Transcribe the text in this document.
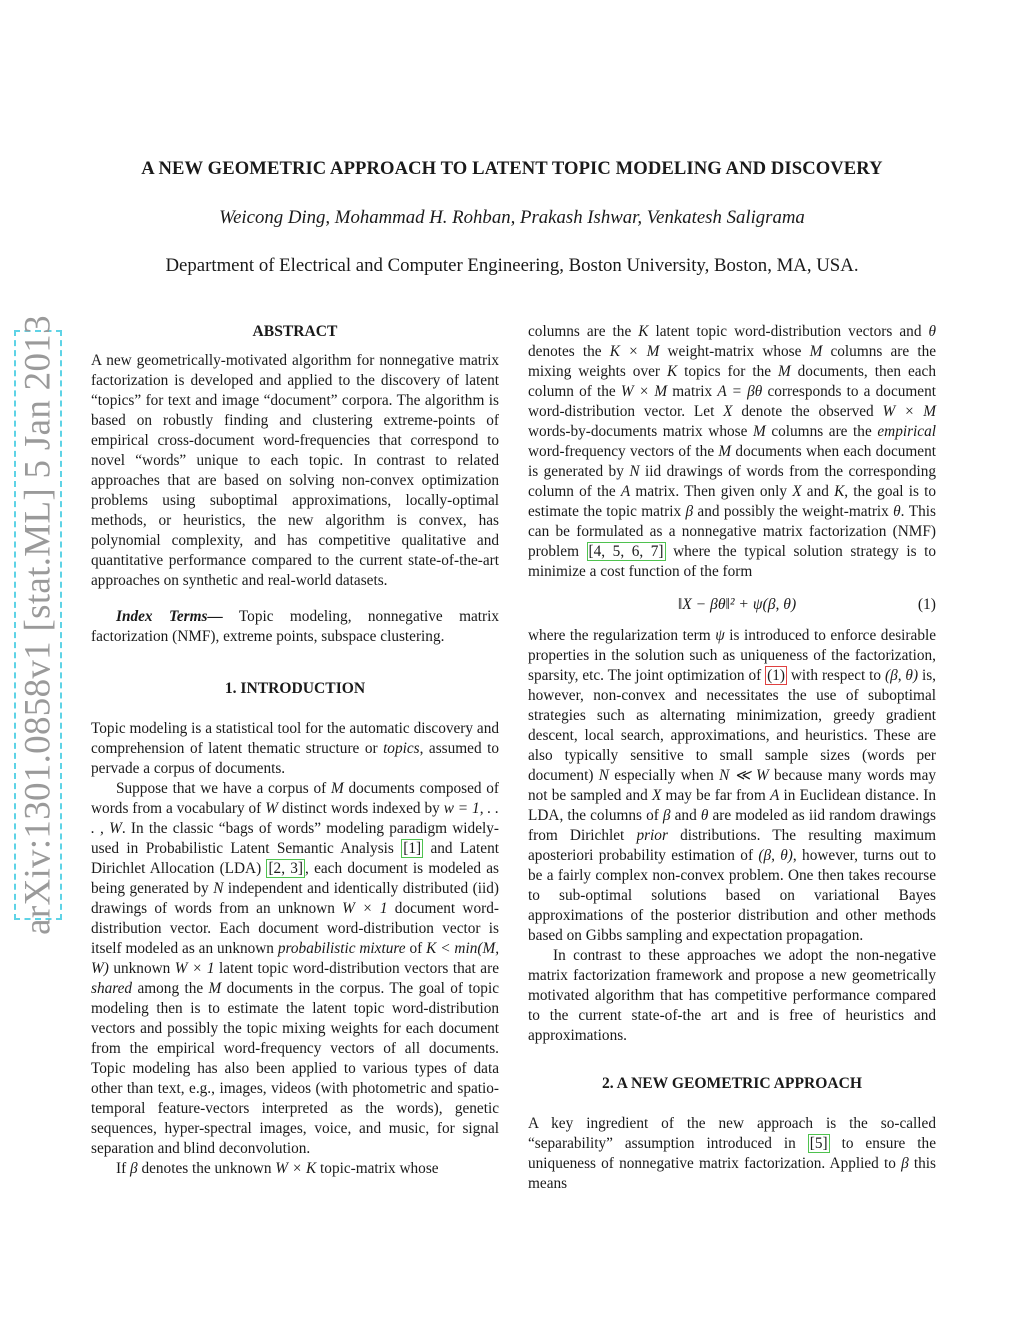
arXiv:1301.0858v1 [stat.ML] 5 Jan 2013
A NEW GEOMETRIC APPROACH TO LATENT TOPIC MODELING AND DISCOVERY
Weicong Ding, Mohammad H. Rohban, Prakash Ishwar, Venkatesh Saligrama
Department of Electrical and Computer Engineering, Boston University, Boston, MA, USA.
ABSTRACT

A new geometrically-motivated algorithm for nonnegative matrix factorization is developed and applied to the discovery of latent “topics” for text and image “document” corpora. The algorithm is based on robustly finding and clustering extreme-points of empirical cross-document word-frequencies that correspond to novel “words” unique to each topic. In contrast to related approaches that are based on solving non-convex optimization problems using suboptimal approximations, locally-optimal methods, or heuristics, the new algorithm is convex, has polynomial complexity, and has competitive qualitative and quantitative performance compared to the current state-of-the-art approaches on synthetic and real-world datasets.

Index Terms— Topic modeling, nonnegative matrix factorization (NMF), extreme points, subspace clustering.

1. INTRODUCTION

Topic modeling is a statistical tool for the automatic discovery and comprehension of latent thematic structure or topics, assumed to pervade a corpus of documents.

Suppose that we have a corpus of M documents composed of words from a vocabulary of W distinct words indexed by w = 1, . . . , W. In the classic “bags of words” modeling paradigm widely-used in Probabilistic Latent Semantic Analysis [1] and Latent Dirichlet Allocation (LDA) [2, 3] , each document is modeled as being generated by N independent and identically distributed (iid) drawings of words from an unknown W × 1 document word-distribution vector. Each document word-distribution vector is itself modeled as an unknown probabilistic mixture of K < min(M, W) unknown W × 1 latent topic word-distribution vectors that are shared among the M documents in the corpus. The goal of topic modeling then is to estimate the latent topic word-distribution vectors and possibly the topic mixing weights for each document from the empirical word-frequency vectors of all documents. Topic modeling has also been applied to various types of data other than text, e.g., images, videos (with photometric and spatio-temporal feature-vectors interpreted as the words), genetic sequences, hyper-spectral images, voice, and music, for signal separation and blind deconvolution.

If β denotes the unknown W × K topic-matrix whose

columns are the K latent topic word-distribution vectors and θ denotes the K × M weight-matrix whose M columns are the mixing weights over K topics for the M documents, then each column of the W × M matrix A = βθ corresponds to a document word-distribution vector. Let X denote the observed W × M words-by-documents matrix whose M columns are the empirical word-frequency vectors of the M documents when each document is generated by N iid drawings of words from the corresponding column of the A matrix. Then given only X and K, the goal is to estimate the topic matrix β and possibly the weight-matrix θ. This can be formulated as a nonnegative matrix factorization (NMF) problem [4, 5, 6, 7] where the typical solution strategy is to minimize a cost function of the form

‖X − βθ‖² + ψ(β, θ)	(1)

where the regularization term ψ is introduced to enforce desirable properties in the solution such as uniqueness of the factorization, sparsity, etc. The joint optimization of (1) with respect to (β, θ) is, however, non-convex and necessitates the use of suboptimal strategies such as alternating minimization, greedy gradient descent, local search, approximations, and heuristics. These are also typically sensitive to small sample sizes (words per document) N especially when N ≪ W because many words may not be sampled and X may be far from A in Euclidean distance. In LDA, the columns of β and θ are modeled as iid random drawings from Dirichlet prior distributions. The resulting maximum aposteriori probability estimation of (β, θ), however, turns out to be a fairly complex non-convex problem. One then takes recourse to sub-optimal solutions based on variational Bayes approximations of the posterior distribution and other methods based on Gibbs sampling and expectation propagation.

In contrast to these approaches we adopt the non-negative matrix factorization framework and propose a new geometrically motivated algorithm that has competitive performance compared to the current state-of-the art and is free of heuristics and approximations.

2. A NEW GEOMETRIC APPROACH

A key ingredient of the new approach is the so-called “separability” assumption introduced in [5] to ensure the uniqueness of nonnegative matrix factorization. Applied to β this means
